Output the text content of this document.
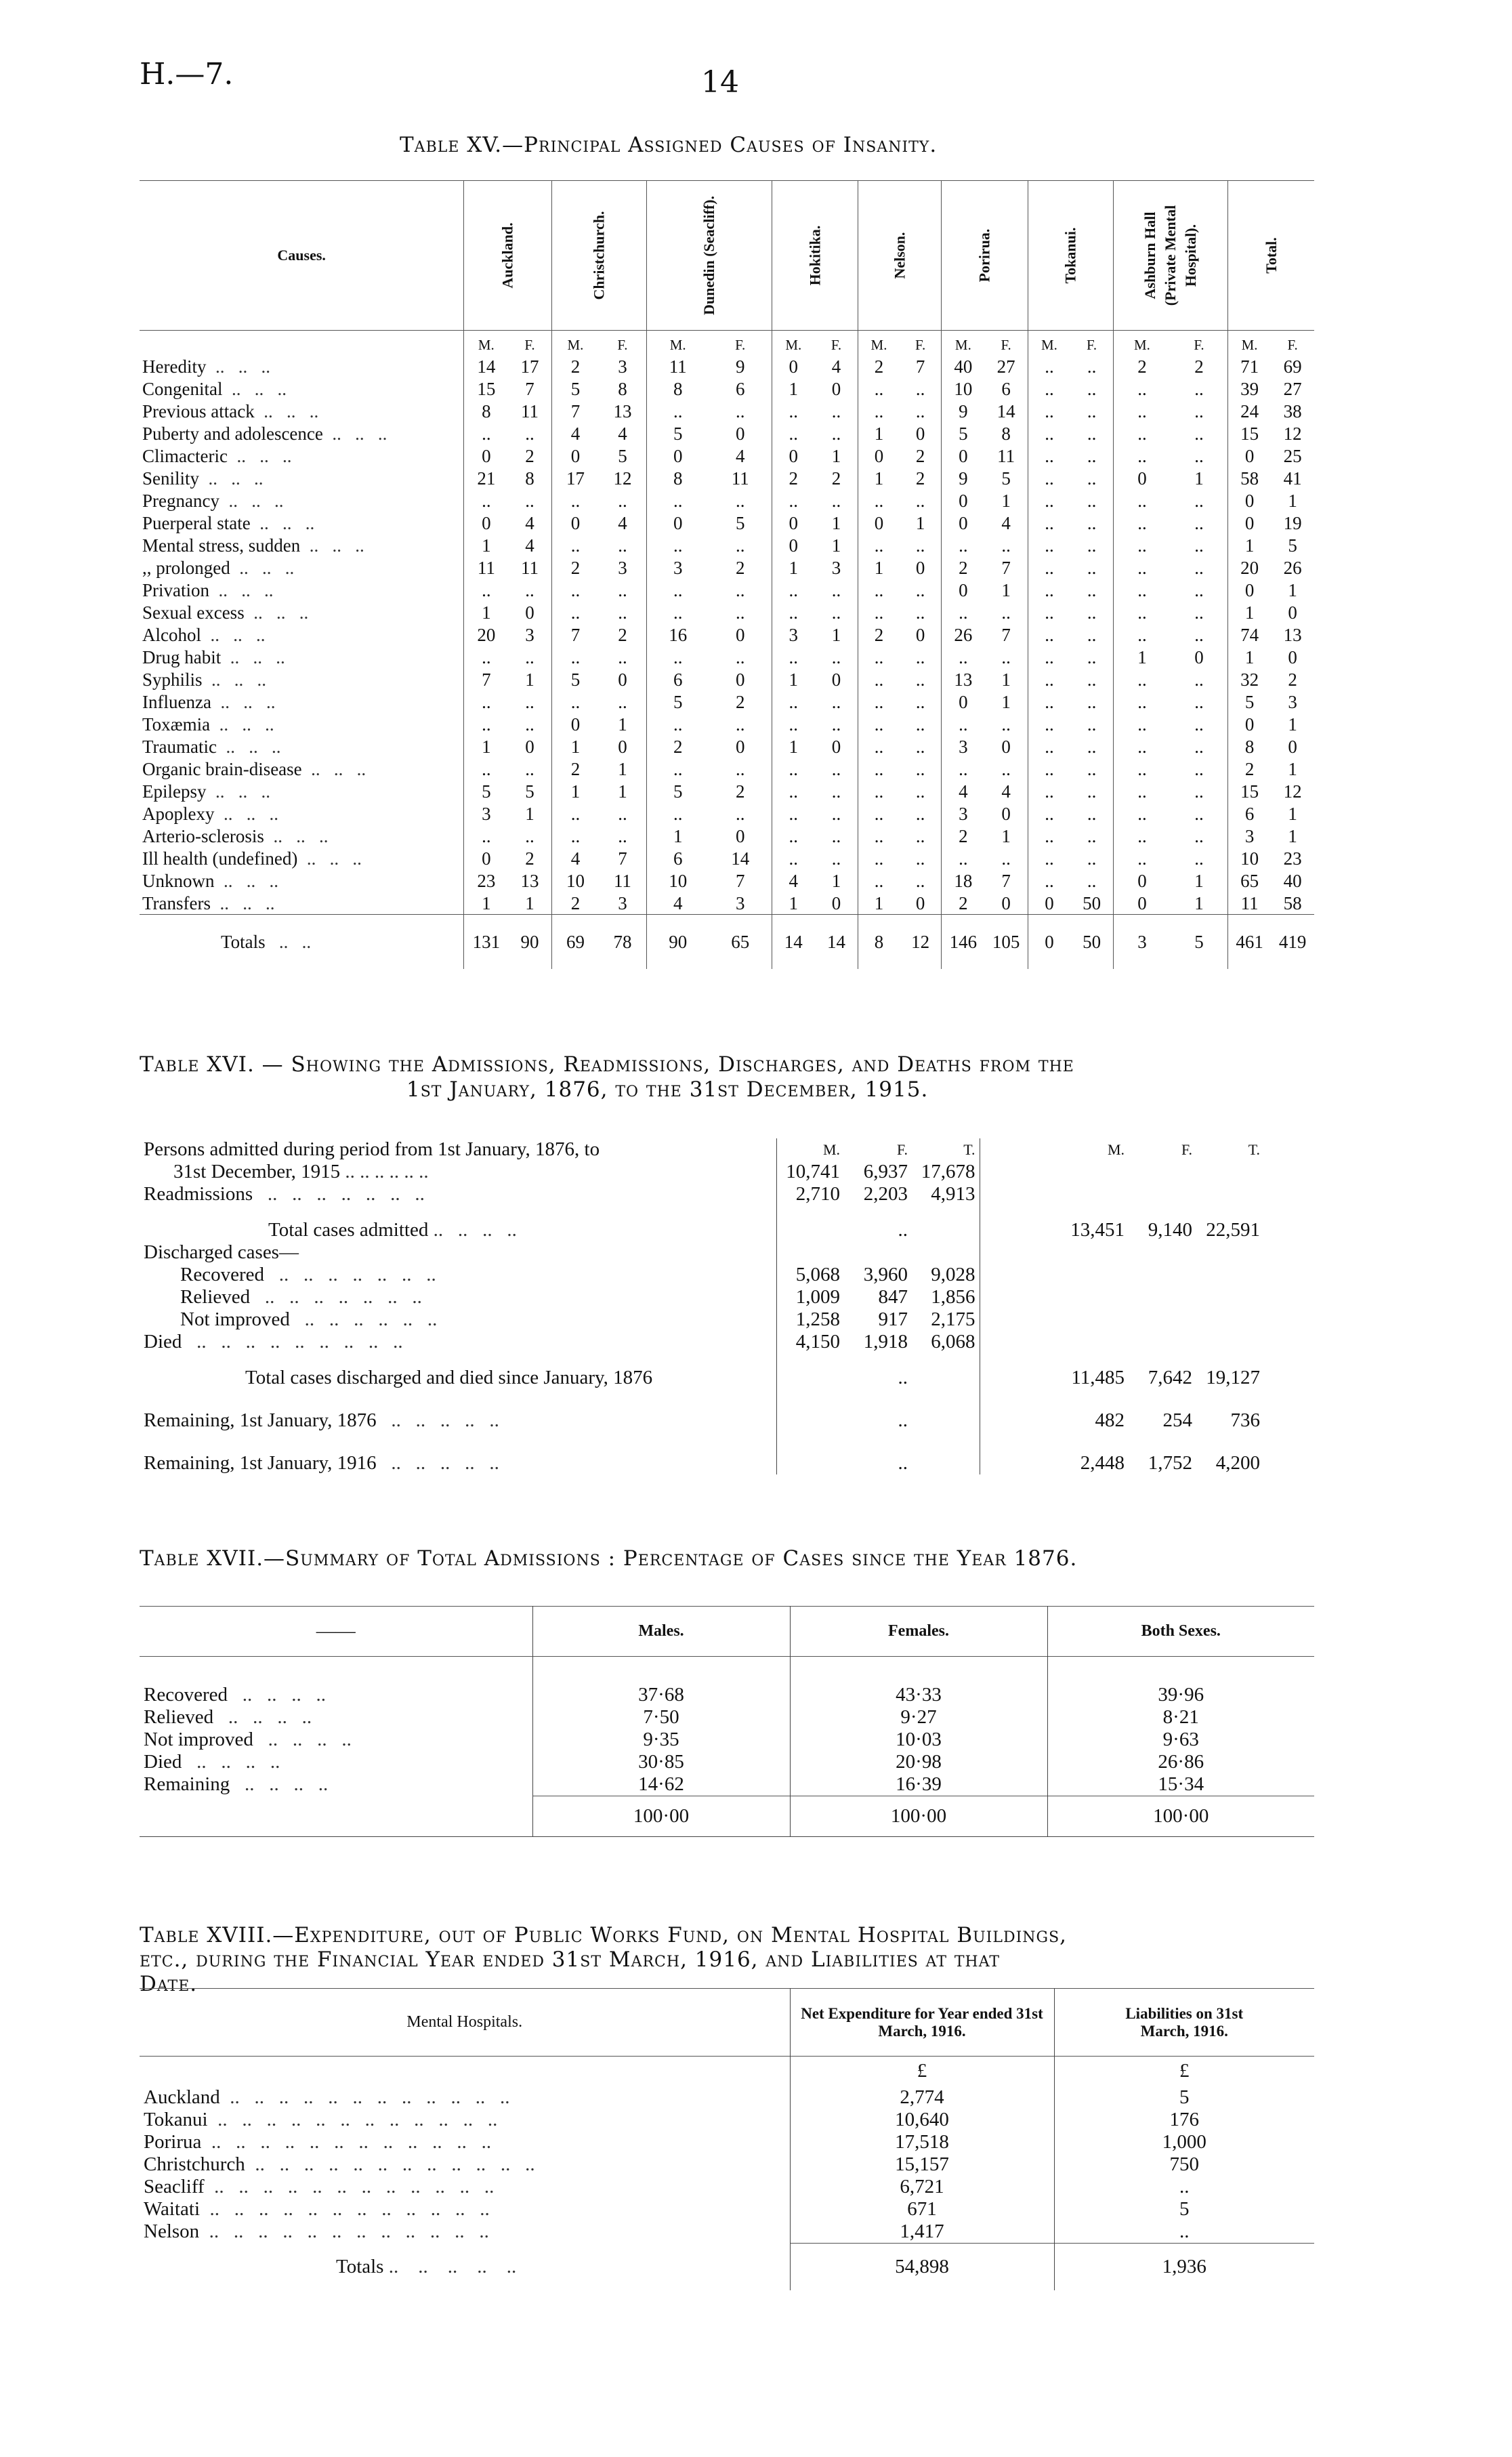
H.—7.	14
Table XV.—Principal Assigned Causes of Insanity.
Causes.	Auckland.		Christchurch.		Dunedin (Seacliff).		Hokitika.		Nelson.		Porirua.		Tokanui.		Ashburn Hall (Private Mental Hospital).		Total.	
	M.	F.	M.	F.	M.	F.	M.	F.	M.	F.	M.	F.	M.	F.	M.	F.	M.	F.
Heredity  ..   ..   ..	14	17	2	3	11	9	0	4	2	7	40	27	..	..	2	2	71	69
Congenital  ..   ..   ..	15	7	5	8	8	6	1	0	..	..	10	6	..	..	..	..	39	27
Previous attack  ..   ..   ..	8	11	7	13	..	..	..	..	..	..	9	14	..	..	..	..	24	38
Puberty and adolescence  ..   ..   ..	..	..	4	4	5	0	..	..	1	0	5	8	..	..	..	..	15	12
Climacteric  ..   ..   ..	0	2	0	5	0	4	0	1	0	2	0	11	..	..	..	..	0	25
Senility  ..   ..   ..	21	8	17	12	8	11	2	2	1	2	9	5	..	..	0	1	58	41
Pregnancy  ..   ..   ..	..	..	..	..	..	..	..	..	..	..	0	1	..	..	..	..	0	1
Puerperal state  ..   ..   ..	0	4	0	4	0	5	0	1	0	1	0	4	..	..	..	..	0	19
Mental stress, sudden  ..   ..   ..	1	4	..	..	..	..	0	1	..	..	..	..	..	..	..	..	1	5
,, prolonged  ..   ..   ..	11	11	2	3	3	2	1	3	1	0	2	7	..	..	..	..	20	26
Privation  ..   ..   ..	..	..	..	..	..	..	..	..	..	..	0	1	..	..	..	..	0	1
Sexual excess  ..   ..   ..	1	0	..	..	..	..	..	..	..	..	..	..	..	..	..	..	1	0
Alcohol  ..   ..   ..	20	3	7	2	16	0	3	1	2	0	26	7	..	..	..	..	74	13
Drug habit  ..   ..   ..	..	..	..	..	..	..	..	..	..	..	..	..	..	..	1	0	1	0
Syphilis  ..   ..   ..	7	1	5	0	6	0	1	0	..	..	13	1	..	..	..	..	32	2
Influenza  ..   ..   ..	..	..	..	..	5	2	..	..	..	..	0	1	..	..	..	..	5	3
Toxæmia  ..   ..   ..	..	..	0	1	..	..	..	..	..	..	..	..	..	..	..	..	0	1
Traumatic  ..   ..   ..	1	0	1	0	2	0	1	0	..	..	3	0	..	..	..	..	8	0
Organic brain-disease  ..   ..   ..	..	..	2	1	..	..	..	..	..	..	..	..	..	..	..	..	2	1
Epilepsy  ..   ..   ..	5	5	1	1	5	2	..	..	..	..	4	4	..	..	..	..	15	12
Apoplexy  ..   ..   ..	3	1	..	..	..	..	..	..	..	..	3	0	..	..	..	..	6	1
Arterio-sclerosis  ..   ..   ..	..	..	..	..	1	0	..	..	..	..	2	1	..	..	..	..	3	1
Ill health (undefined)  ..   ..   ..	0	2	4	7	6	14	..	..	..	..	..	..	..	..	..	..	10	23
Unknown  ..   ..   ..	23	13	10	11	10	7	4	1	..	..	18	7	..	..	0	1	65	40
Transfers  ..   ..   ..	1	1	2	3	4	3	1	0	1	0	2	0	0	50	0	1	11	58
Totals   ..   ..	131	90	69	78	90	65	14	14	8	12	146	105	0	50	3	5	461	419
Table XVI. — Showing the Admissions, Readmissions, Discharges, and Deaths from the
1st January, 1876, to the 31st December, 1915.
Persons admitted during period from 1st January, 1876, to	M.	F.	T.		M.	F.	T.	
31st December, 1915 .. .. .. .. .. ..	10,741	6,937	17,678					
Readmissions   ..   ..   ..   ..   ..   ..   ..	2,710	2,203	4,913					

Total cases admitted ..   ..   ..   ..		..			13,451	9,140	22,591	
Discharged cases—								
Recovered   ..   ..   ..   ..   ..   ..   ..	5,068	3,960	9,028					
Relieved   ..   ..   ..   ..   ..   ..   ..	1,009	847	1,856					
Not improved   ..   ..   ..   ..   ..   ..	1,258	917	2,175					
Died   ..   ..   ..   ..   ..   ..   ..   ..   ..	4,150	1,918	6,068					

Total cases discharged and died since January, 1876		..			11,485	7,642	19,127	

Remaining, 1st January, 1876   ..   ..   ..   ..   ..		..			482	254	736	

Remaining, 1st January, 1916   ..   ..   ..   ..   ..		..			2,448	1,752	4,200	
Table XVII.—Summary of Total Admissions : Percentage of Cases since the Year 1876.
——	Males.	Females.	Both Sexes.

Recovered   ..   ..   ..   ..	37·68	43·33	39·96
Relieved   ..   ..   ..   ..	7·50	9·27	8·21
Not improved   ..   ..   ..   ..	9·35	10·03	9·63
Died   ..   ..   ..   ..	30·85	20·98	26·86
Remaining   ..   ..   ..   ..	14·62	16·39	15·34
	100·00	100·00	100·00

Table XVIII.—Expenditure, out of Public Works Fund, on Mental Hospital Buildings,
etc., during the Financial Year ended 31st March, 1916, and Liabilities at that
Date.
Mental Hospitals.	Net Expenditure for Year ended 31st March, 1916.	Liabilities on 31st March, 1916.
	£	£
Auckland  ..   ..   ..   ..   ..   ..   ..   ..   ..   ..   ..   ..	2,774	5
Tokanui  ..   ..   ..   ..   ..   ..   ..   ..   ..   ..   ..   ..	10,640	176
Porirua  ..   ..   ..   ..   ..   ..   ..   ..   ..   ..   ..   ..	17,518	1,000
Christchurch  ..   ..   ..   ..   ..   ..   ..   ..   ..   ..   ..   ..	15,157	750
Seacliff  ..   ..   ..   ..   ..   ..   ..   ..   ..   ..   ..   ..	6,721	..
Waitati  ..   ..   ..   ..   ..   ..   ..   ..   ..   ..   ..   ..	671	5
Nelson  ..   ..   ..   ..   ..   ..   ..   ..   ..   ..   ..   ..	1,417	..
Totals ..    ..    ..    ..    ..	54,898	1,936
